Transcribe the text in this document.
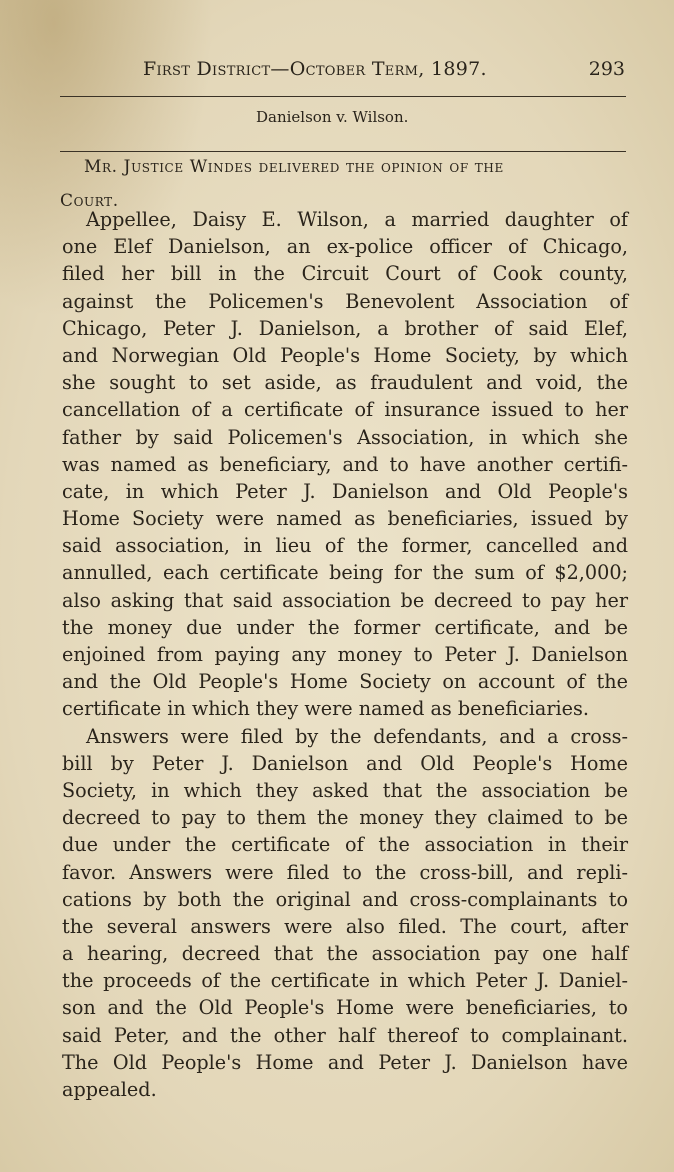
First District—October Term, 1897.	293
Danielson v. Wilson.
Mr. Justice Windes delivered the opinion of the
Court.
Appellee, Daisy E. Wilson, a married daughter of
one Elef Danielson, an ex-police officer of Chicago,
filed her bill in the Circuit Court of Cook county,
against the Policemen's Benevolent Association of
Chicago, Peter J. Danielson, a brother of said Elef,
and Norwegian Old People's Home Society, by which
she sought to set aside, as fraudulent and void, the
cancellation of a certificate of insurance issued to her
father by said Policemen's Association, in which she
was named as beneficiary, and to have another certifi-
cate, in which Peter J. Danielson and Old People's
Home Society were named as beneficiaries, issued by
said association, in lieu of the former, cancelled and
annulled, each certificate being for the sum of $2,000;
also asking that said association be decreed to pay her
the money due under the former certificate, and be
enjoined from paying any money to Peter J. Danielson
and the Old People's Home Society on account of the
certificate in which they were named as beneficiaries.
Answers were filed by the defendants, and a cross-
bill by Peter J. Danielson and Old People's Home
Society, in which they asked that the association be
decreed to pay to them the money they claimed to be
due under the certificate of the association in their
favor. Answers were filed to the cross-bill, and repli-
cations by both the original and cross-complainants to
the several answers were also filed. The court, after
a hearing, decreed that the association pay one half
the proceeds of the certificate in which Peter J. Daniel-
son and the Old People's Home were beneficiaries, to
said Peter, and the other half thereof to complainant.
The Old People's Home and Peter J. Danielson have
appealed.
